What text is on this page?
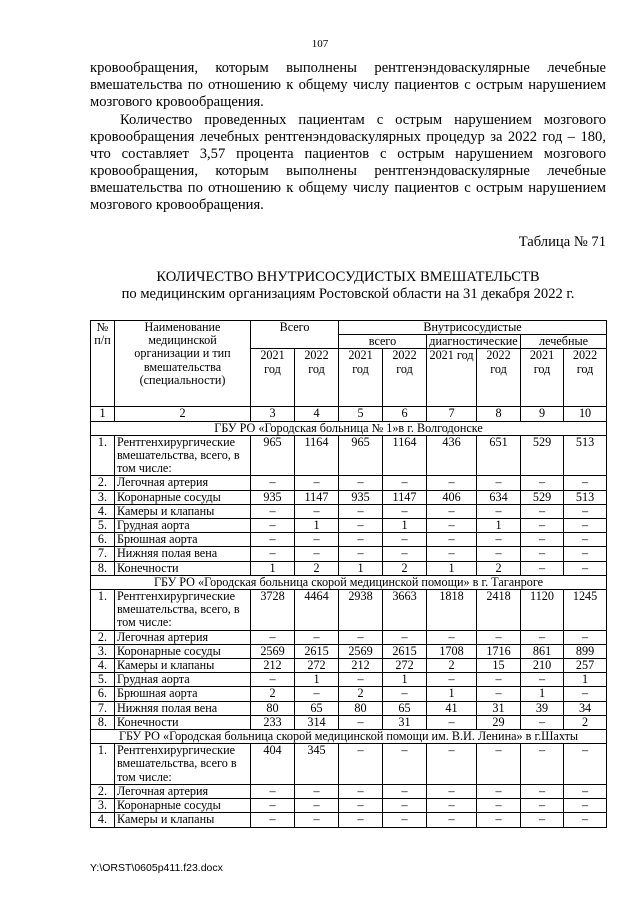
107

кровообращения, которым выполнены рентгенэндоваскулярные лечебные вмешательства по отношению к общему числу пациентов с острым нарушением мозгового кровообращения.

Количество проведенных пациентам с острым нарушением мозгового кровообращения лечебных рентгенэндоваскулярных процедур за 2022 год – 180, что составляет 3,57 процента пациентов с острым нарушением мозгового кровообращения, которым выполнены рентгенэндоваскулярные лечебные вмешательства по отношению к общему числу пациентов с острым нарушением мозгового кровообращения.

Таблица № 71
КОЛИЧЕСТВО ВНУТРИСОСУДИСТЫХ ВМЕШАТЕЛЬСТВ
по медицинским организациям Ростовской области на 31 декабря 2022 г.
№ п/п	Наименование медицинской организации и тип вмешательства (специальности)	Всего		Внутрисосудистые					
				всего		диагностические		лечебные	
		2021 год	2022 год	2021 год	2022 год	2021 год	2022 год	2021 год	2022 год
1	2	3	4	5	6	7	8	9	10
ГБУ РО «Городская больница № 1»в г. Волгодонске									
1.	Рентгенхирургические вмешательства, всего, в том числе:	965	1164	965	1164	436	651	529	513
2.	Легочная артерия	–	–	–	–	–	–	–	–
3.	Коронарные сосуды	935	1147	935	1147	406	634	529	513
4.	Камеры и клапаны	–	–	–	–	–	–	–	–
5.	Грудная аорта	–	1	–	1	–	1	–	–
6.	Брюшная аорта	–	–	–	–	–	–	–	–
7.	Нижняя полая вена	–	–	–	–	–	–	–	–
8.	Конечности	1	2	1	2	1	2	–	–
ГБУ РО «Городская больница скорой медицинской помощи» в г. Таганроге									
1.	Рентгенхирургические вмешательства, всего, в том числе:	3728	4464	2938	3663	1818	2418	1120	1245
2.	Легочная артерия	–	–	–	–	–	–	–	–
3.	Коронарные сосуды	2569	2615	2569	2615	1708	1716	861	899
4.	Камеры и клапаны	212	272	212	272	2	15	210	257
5.	Грудная аорта	–	1	–	1	–	–	–	1
6.	Брюшная аорта	2	–	2	–	1	–	1	–
7.	Нижняя полая вена	80	65	80	65	41	31	39	34
8.	Конечности	233	314	–	31	–	29	–	2
ГБУ РО «Городская больница скорой медицинской помощи им. В.И. Ленина» в г.Шахты									
1.	Рентгенхирургические вмешательства, всего в том числе:	404	345	–	–	–	–	–	–
2.	Легочная артерия	–	–	–	–	–	–	–	–
3.	Коронарные сосуды	–	–	–	–	–	–	–	–
4.	Камеры и клапаны	–	–	–	–	–	–	–	–
Y:\ORST\0605p411.f23.docx
